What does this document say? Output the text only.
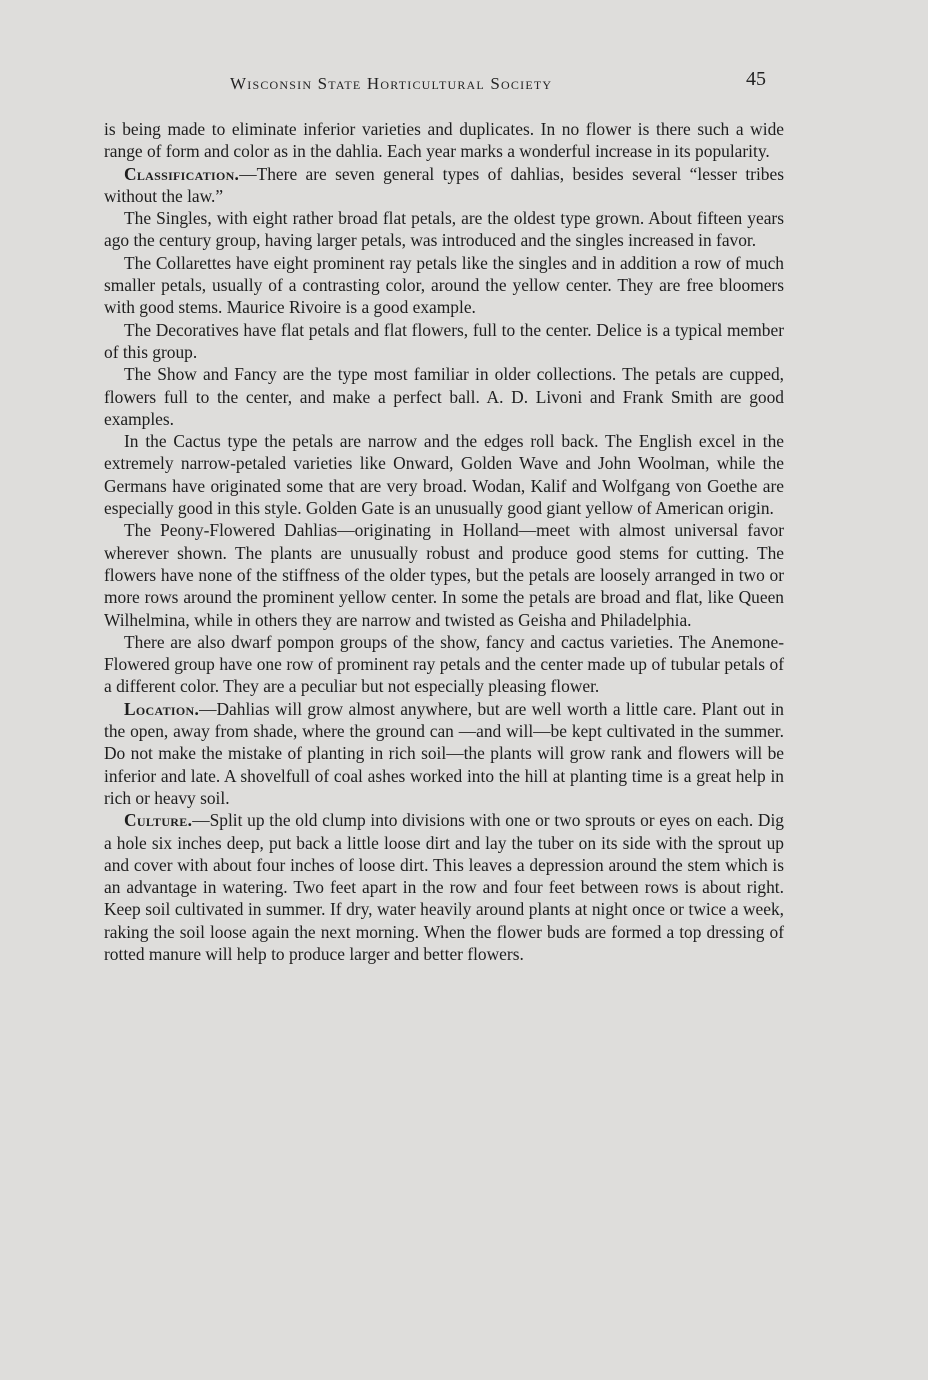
Wisconsin State Horticultural Society	45

is being made to eliminate inferior varieties and duplicates. In no flower is there such a wide range of form and color as in the dahlia. Each year marks a wonderful increase in its popularity.

Classification.—There are seven general types of dahlias, besides several “lesser tribes without the law.”

The Singles, with eight rather broad flat petals, are the oldest type grown. About fifteen years ago the century group, having larger petals, was introduced and the singles increased in favor.

The Collarettes have eight prominent ray petals like the singles and in addition a row of much smaller petals, usually of a contrasting color, around the yellow center. They are free bloomers with good stems. Maurice Rivoire is a good example.

The Decoratives have flat petals and flat flowers, full to the center. Delice is a typical member of this group.

The Show and Fancy are the type most familiar in older collections. The petals are cupped, flowers full to the center, and make a perfect ball. A. D. Livoni and Frank Smith are good examples.

In the Cactus type the petals are narrow and the edges roll back. The English excel in the extremely narrow-petaled varieties like Onward, Golden Wave and John Woolman, while the Germans have originated some that are very broad. Wodan, Kalif and Wolfgang von Goethe are especially good in this style. Golden Gate is an unusually good giant yellow of American origin.

The Peony-Flowered Dahlias—originating in Holland—meet with almost universal favor wherever shown. The plants are unusually robust and produce good stems for cutting. The flowers have none of the stiffness of the older types, but the petals are loosely arranged in two or more rows around the prominent yellow center. In some the petals are broad and flat, like Queen Wilhelmina, while in others they are narrow and twisted as Geisha and Philadelphia.

There are also dwarf pompon groups of the show, fancy and cactus varieties. The Anemone-Flowered group have one row of prominent ray petals and the center made up of tubular petals of a different color. They are a peculiar but not especially pleasing flower.

Location.—Dahlias will grow almost anywhere, but are well worth a little care. Plant out in the open, away from shade, where the ground can —and will—be kept cultivated in the summer. Do not make the mistake of planting in rich soil—the plants will grow rank and flowers will be inferior and late. A shovelfull of coal ashes worked into the hill at planting time is a great help in rich or heavy soil.

Culture.—Split up the old clump into divisions with one or two sprouts or eyes on each. Dig a hole six inches deep, put back a little loose dirt and lay the tuber on its side with the sprout up and cover with about four inches of loose dirt. This leaves a depression around the stem which is an advantage in watering. Two feet apart in the row and four feet between rows is about right. Keep soil cultivated in summer. If dry, water heavily around plants at night once or twice a week, raking the soil loose again the next morning. When the flower buds are formed a top dressing of rotted manure will help to produce larger and better flowers.
